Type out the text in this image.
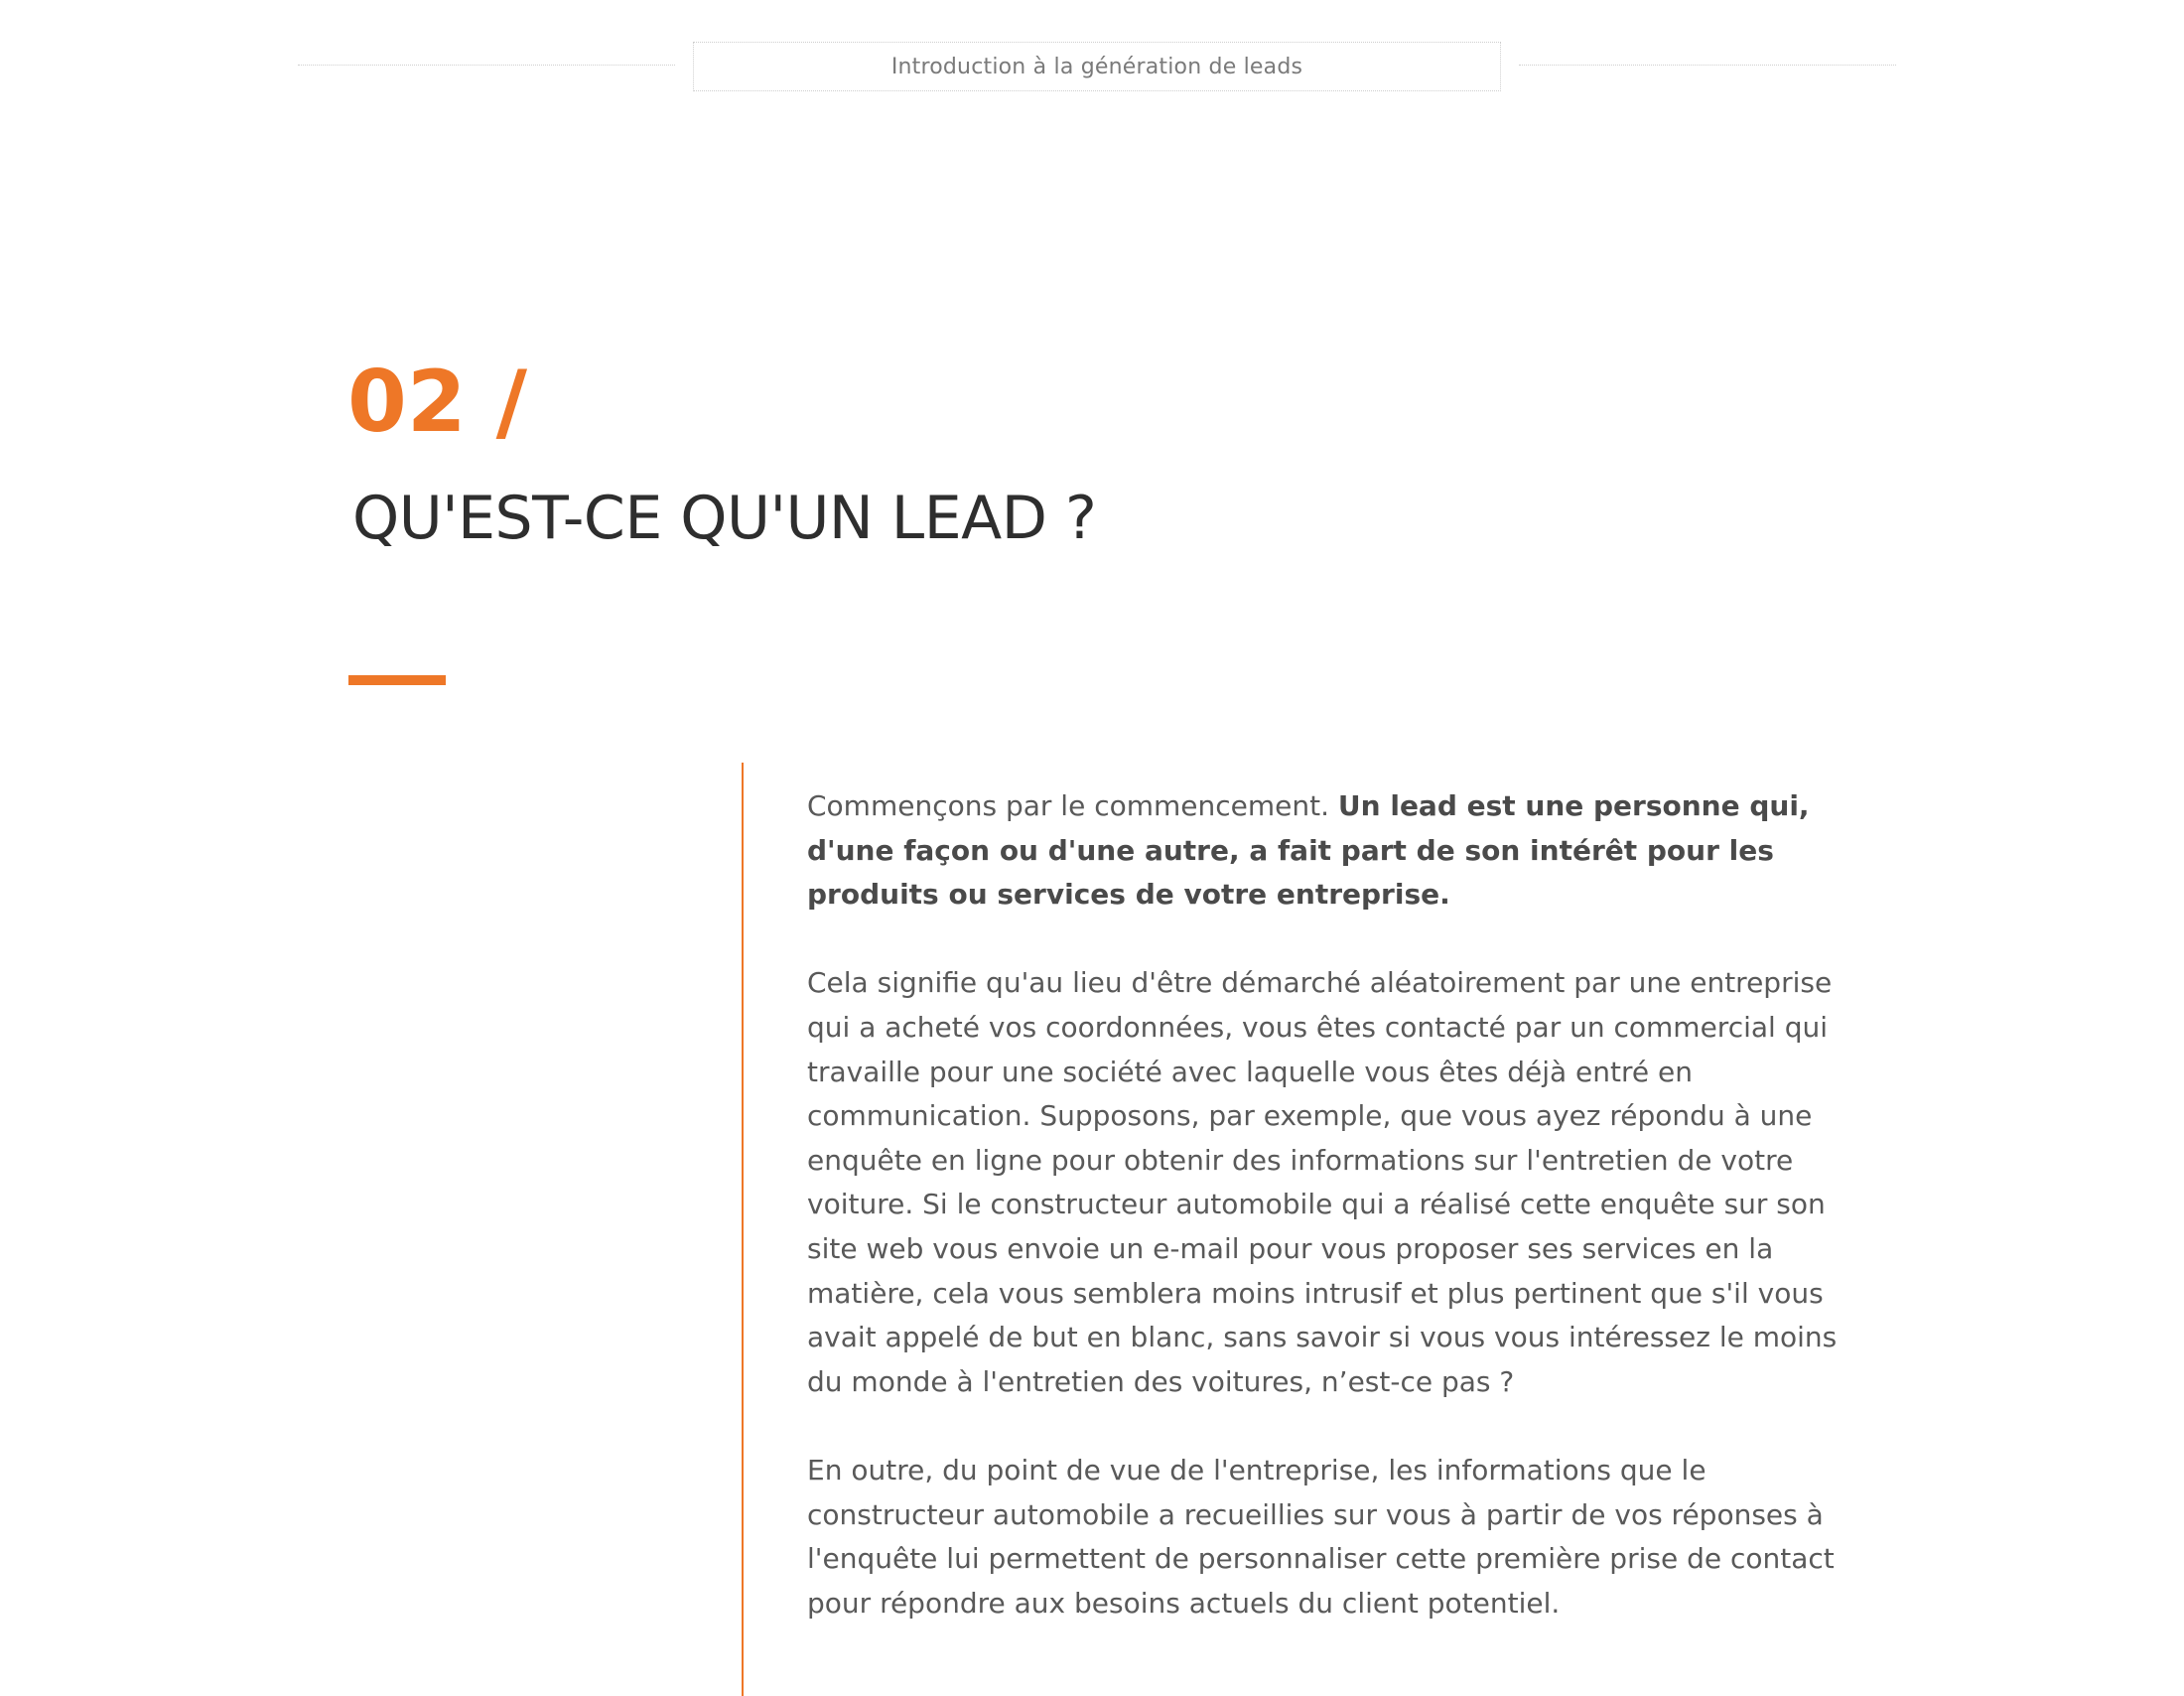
Introduction à la génération de leads
02 /
QU'EST-CE QU'UN LEAD ?

Commençons par le commencement. Un lead est une personne qui, d'une façon ou d'une autre, a fait part de son intérêt pour les produits ou services de votre entreprise.

Cela signifie qu'au lieu d'être démarché aléatoirement par une entreprise qui a acheté vos coordonnées, vous êtes contacté par un commercial qui travaille pour une société avec laquelle vous êtes déjà entré en communication. Supposons, par exemple, que vous ayez répondu à une enquête en ligne pour obtenir des informations sur l'entretien de votre voiture. Si le constructeur automobile qui a réalisé cette enquête sur son site web vous envoie un e-mail pour vous proposer ses services en la matière, cela vous semblera moins intrusif et plus pertinent que s'il vous avait appelé de but en blanc, sans savoir si vous vous intéressez le moins du monde à l'entretien des voitures, n’est-ce pas ?

En outre, du point de vue de l'entreprise, les informations que le constructeur automobile a recueillies sur vous à partir de vos réponses à l'enquête lui permettent de personnaliser cette première prise de contact pour répondre aux besoins actuels du client potentiel.
